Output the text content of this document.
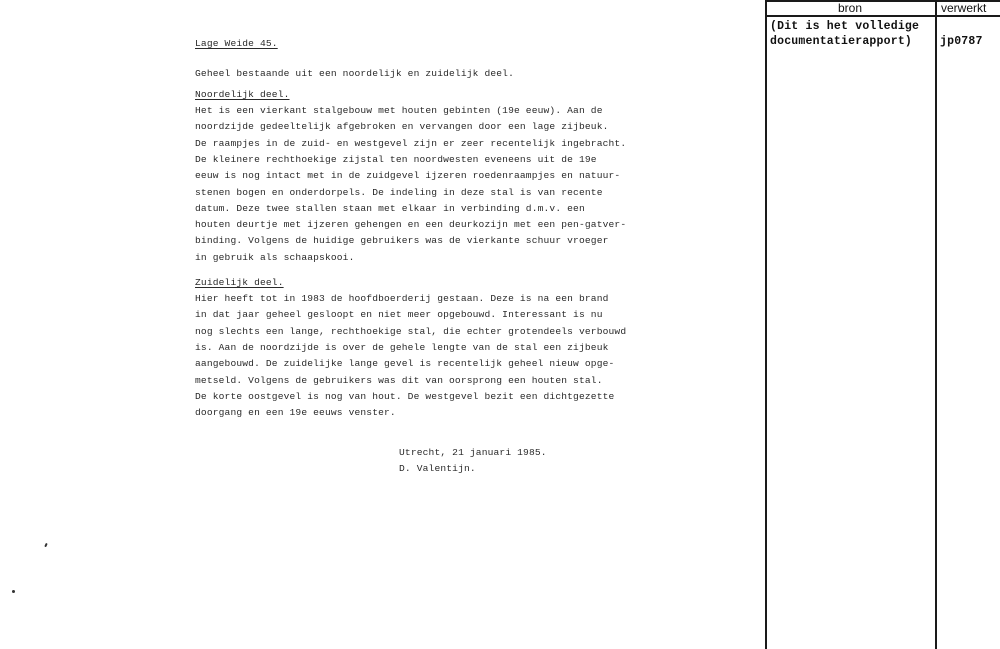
bron	verwerkt
(Dit is het volledige
documentatierapport) jp0787
Lage Weide 45.
Geheel bestaande uit een noordelijk en zuidelijk deel.
Noordelijk deel.
Het is een vierkant stalgebouw met houten gebinten (19e eeuw). Aan de
noordzijde gedeeltelijk afgebroken en vervangen door een lage zijbeuk.
De raampjes in de zuid- en westgevel zijn er zeer recentelijk ingebracht.
De kleinere rechthoekige zijstal ten noordwesten eveneens uit de 19e
eeuw is nog intact met in de zuidgevel ijzeren roedenraampjes en natuur-
stenen bogen en onderdorpels. De indeling in deze stal is van recente
datum. Deze twee stallen staan met elkaar in verbinding d.m.v. een
houten deurtje met ijzeren gehengen en een deurkozijn met een pen-gatver-
binding. Volgens de huidige gebruikers was de vierkante schuur vroeger
in gebruik als schaapskooi.
Zuidelijk deel.
Hier heeft tot in 1983 de hoofdboerderij gestaan. Deze is na een brand
in dat jaar geheel gesloopt en niet meer opgebouwd. Interessant is nu
nog slechts een lange, rechthoekige stal, die echter grotendeels verbouwd
is. Aan de noordzijde is over de gehele lengte van de stal een zijbeuk
aangebouwd. De zuidelijke lange gevel is recentelijk geheel nieuw opge-
metseld. Volgens de gebruikers was dit van oorsprong een houten stal.
De korte oostgevel is nog van hout. De westgevel bezit een dichtgezette
doorgang en een 19e eeuws venster.
Utrecht, 21 januari 1985.
D. Valentijn.
